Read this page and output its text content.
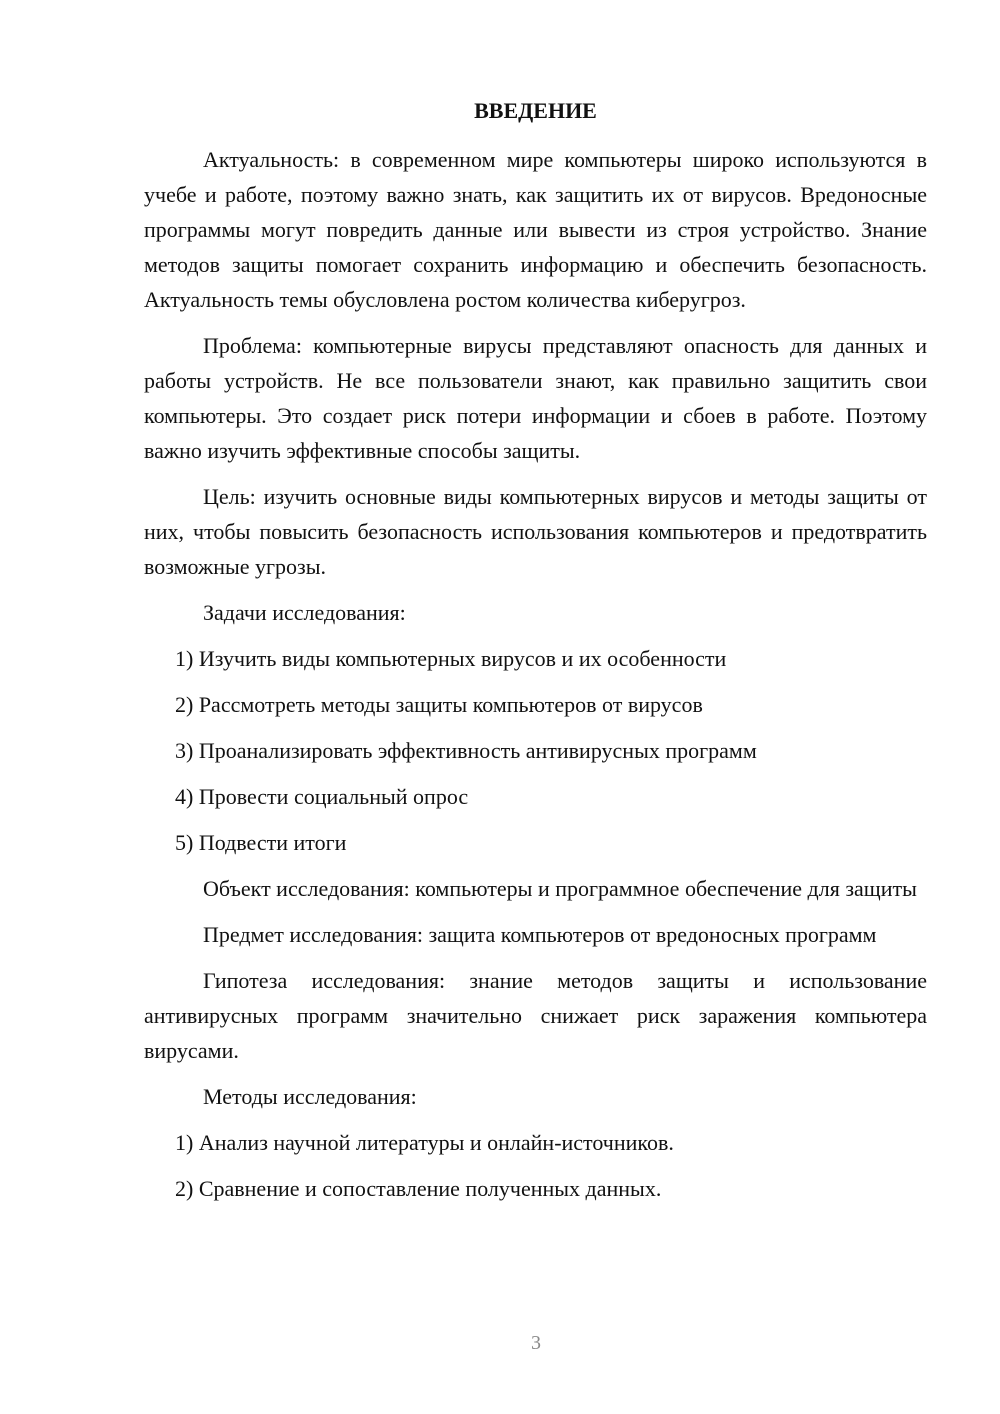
ВВЕДЕНИЕ

Актуальность: в современном мире компьютеры широко используются в учебе и работе, поэтому важно знать, как защитить их от вирусов. Вредоносные программы могут повредить данные или вывести из строя устройство. Знание методов защиты помогает сохранить информацию и обеспечить безопасность. Актуальность темы обусловлена ростом количества киберугроз.

Проблема: компьютерные вирусы представляют опасность для данных и работы устройств. Не все пользователи знают, как правильно защитить свои компьютеры. Это создает риск потери информации и сбоев в работе. Поэтому важно изучить эффективные способы защиты.

Цель: изучить основные виды компьютерных вирусов и методы защиты от них, чтобы повысить безопасность использования компьютеров и предотвратить возможные угрозы.

Задачи исследования:

1) Изучить виды компьютерных вирусов и их особенности
2) Рассмотреть методы защиты компьютеров от вирусов
3) Проанализировать эффективность антивирусных программ
4) Провести социальный опрос
5) Подвести итоги

Объект исследования: компьютеры и программное обеспечение для защиты

Предмет исследования: защита компьютеров от вредоносных программ

Гипотеза исследования: знание методов защиты и использование антивирусных программ значительно снижает риск заражения компьютера вирусами.

Методы исследования:

1) Анализ научной литературы и онлайн-источников.
2) Сравнение и сопоставление полученных данных.
3
